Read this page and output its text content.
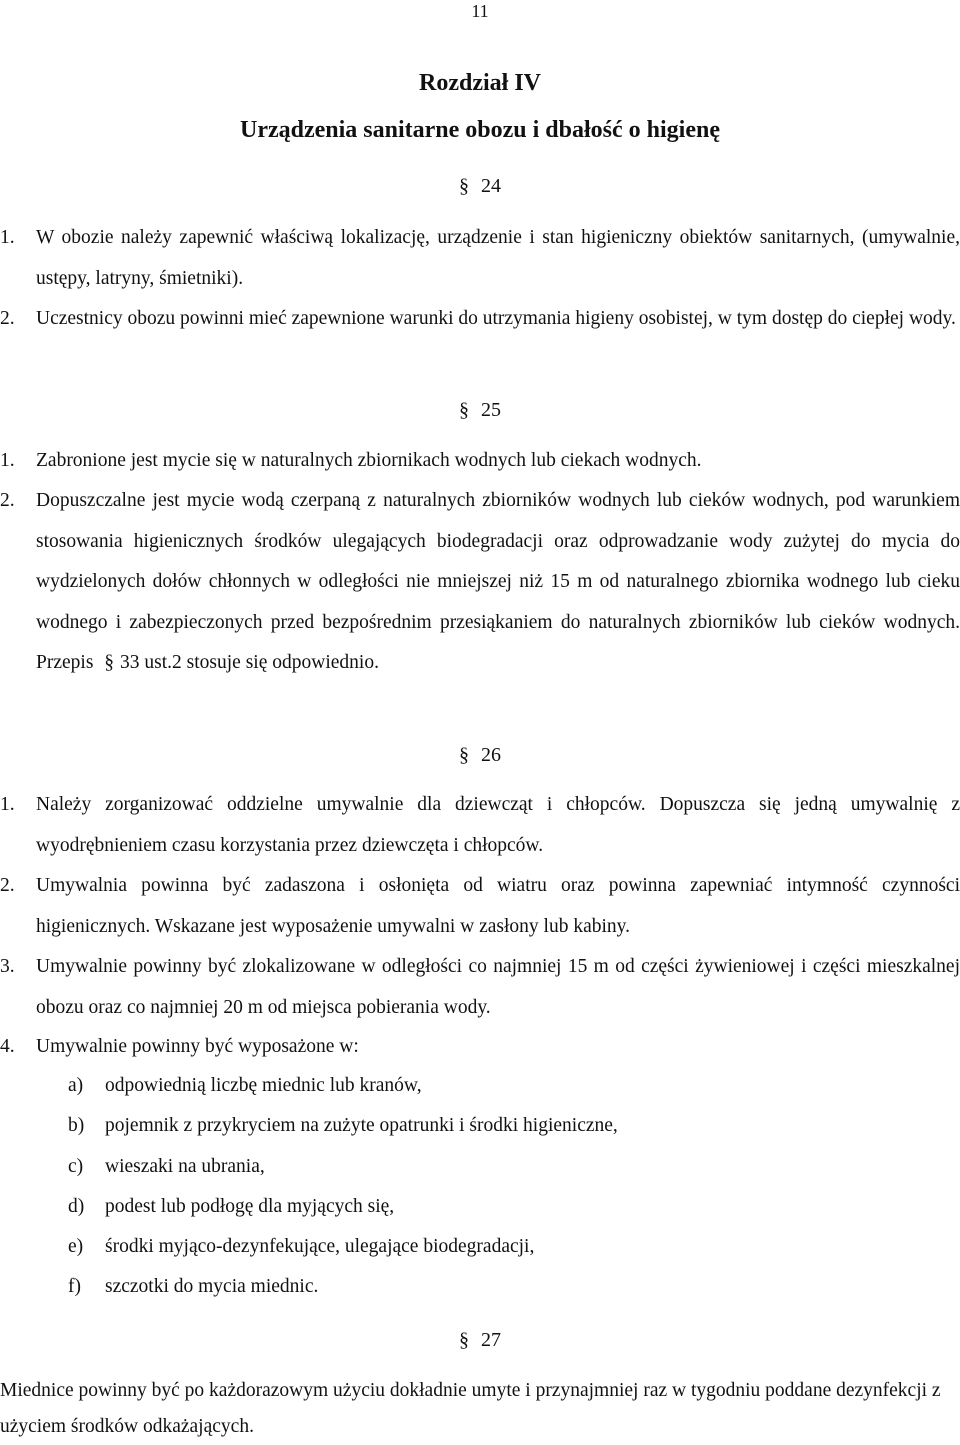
11
Rozdział IV
Urządzenia sanitarne obozu i dbałość o higienę
§ 24
1.	W obozie należy zapewnić właściwą lokalizację, urządzenie i stan higieniczny obiektów sanitarnych, (umywalnie, ustępy, latryny, śmietniki).
2.	Uczestnicy obozu powinni mieć zapewnione warunki do utrzymania higieny osobistej, w tym dostęp do ciepłej wody.
§ 25
1.	Zabronione jest mycie się w naturalnych zbiornikach wodnych lub ciekach wodnych.
2.	Dopuszczalne jest mycie wodą czerpaną z naturalnych zbiorników wodnych lub cieków wodnych, pod warunkiem stosowania higienicznych środków ulegających biodegradacji oraz odprowadzanie wody zużytej do mycia do wydzielonych dołów chłonnych w odległości nie mniejszej niż 15 m od naturalnego zbiornika wodnego lub cieku wodnego i zabezpieczonych przed bezpośrednim przesiąkaniem do naturalnych zbiorników lub cieków wodnych. Przepis § 33 ust.2 stosuje się odpowiednio.
§ 26
1.	Należy zorganizować oddzielne umywalnie dla dziewcząt i chłopców. Dopuszcza się jedną umywalnię z wyodrębnieniem czasu korzystania przez dziewczęta i chłopców.
2.	Umywalnia powinna być zadaszona i osłonięta od wiatru oraz powinna zapewniać intymność czynności higienicznych. Wskazane jest wyposażenie umywalni w zasłony lub kabiny.
3.	Umywalnie powinny być zlokalizowane w odległości co najmniej 15 m od części żywieniowej i części mieszkalnej obozu oraz co najmniej 20 m od miejsca pobierania wody.
4.	Umywalnie powinny być wyposażone w:
a)	odpowiednią liczbę miednic lub kranów,
b)	pojemnik z przykryciem na zużyte opatrunki i środki higieniczne,
c)	wieszaki na ubrania,
d)	podest lub podłogę dla myjących się,
e)	środki myjąco-dezynfekujące, ulegające biodegradacji,
f)	szczotki do mycia miednic.
§ 27
Miednice powinny być po każdorazowym użyciu dokładnie umyte i przynajmniej raz w tygodniu poddane dezynfekcji z użyciem środków odkażających.
